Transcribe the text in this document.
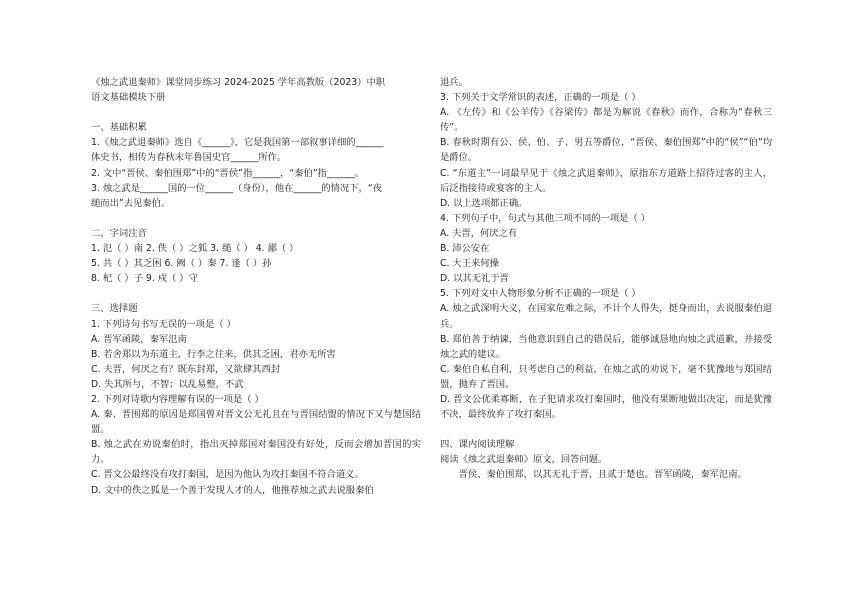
《烛之武退秦师》课堂同步练习 2024-2025 学年高教版（2023）中职
语文基础模块下册
一、基础积累
1.《烛之武退秦师》选自《______》，它是我国第一部叙事详细的______
体史书，相传为春秋末年鲁国史官______所作。
2. 文中“晋侯、秦伯围郑”中的“晋侯”指______，“秦伯”指______。
3. 烛之武是______国的一位______（身份），他在______的情况下，“夜
缒而出”去见秦伯。
二、字词注音
1. 氾（ ）南 2. 佚（ ）之狐 3. 缒（ ） 4. 鄙（ ）
5. 共（ ）其乏困 6. 阙（ ）秦 7. 逢（ ）孙
8. 杞（ ）子 9. 戍（ ）守
三、选择题
1. 下列诗句书写无误的一项是（ ）
A. 晋军函陵，秦军氾南
B. 若舍郑以为东道主，行李之往来，供其乏困，君亦无所害
C. 夫晋，何厌之有？既东封郑，又欲肆其西封
D. 失其所与，不智；以乱易整，不武
2. 下列对诗歌内容理解有误的一项是（ ）
A. 秦、晋围郑的原因是郑国曾对晋文公无礼且在与晋国结盟的情况下又与楚国结盟。
B. 烛之武在劝说秦伯时，指出灭掉郑国对秦国没有好处，反而会增加晋国的实力。
C. 晋文公最终没有攻打秦国，是因为他认为攻打秦国不符合道义。
D. 文中的佚之狐是一个善于发现人才的人，他推荐烛之武去说服秦伯
退兵。
3. 下列关于文学常识的表述，正确的一项是（ ）
A. 《左传》和《公羊传》《谷梁传》都是为解说《春秋》而作，合称为“春秋三传”。
B. 春秋时期有公、侯、伯、子、男五等爵位，“晋侯、秦伯围郑”中的“侯”“伯”均是爵位。
C. “东道主”一词最早见于《烛之武退秦师》，原指东方道路上招待过客的主人，后泛指接待或宴客的主人。
D. 以上选项都正确。
4. 下列句子中，句式与其他三项不同的一项是（ ）
A. 夫晋，何厌之有
B. 沛公安在
C. 大王来何操
D. 以其无礼于晋
5. 下列对文中人物形象分析不正确的一项是（ ）
A. 烛之武深明大义，在国家危难之际，不计个人得失，挺身而出，去说服秦伯退兵。
B. 郑伯善于纳谏，当他意识到自己的错误后，能够诚恳地向烛之武道歉，并接受烛之武的建议。
C. 秦伯自私自利，只考虑自己的利益，在烛之武的劝说下，毫不犹豫地与郑国结盟，抛弃了晋国。
D. 晋文公优柔寡断，在子犯请求攻打秦国时，他没有果断地做出决定，而是犹豫不决，最终放弃了攻打秦国。
四、课内阅读理解
阅读《烛之武退秦师》原文，回答问题。
晋侯、秦伯围郑，以其无礼于晋，且贰于楚也。晋军函陵，秦军氾南。
